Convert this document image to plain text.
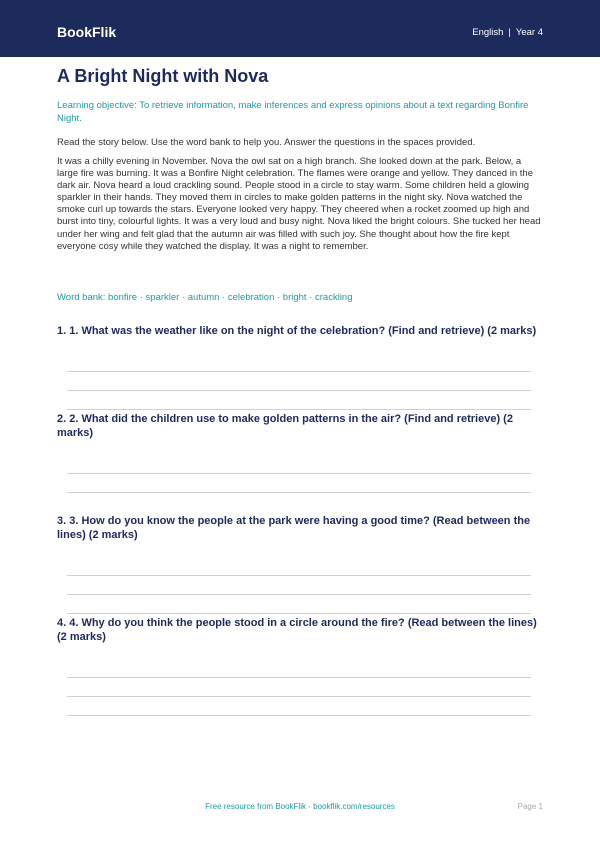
BookFlik	English | Year 4
A Bright Night with Nova
Learning objective: To retrieve information, make inferences and express opinions about a text regarding Bonfire Night.
Read the story below. Use the word bank to help you. Answer the questions in the spaces provided.
It was a chilly evening in November. Nova the owl sat on a high branch. She looked down at the park. Below, a large fire was burning. It was a Bonfire Night celebration. The flames were orange and yellow. They danced in the dark air. Nova heard a loud crackling sound. People stood in a circle to stay warm. Some children held a glowing sparkler in their hands. They moved them in circles to make golden patterns in the night sky. Nova watched the smoke curl up towards the stars. Everyone looked very happy. They cheered when a rocket zoomed up high and burst into tiny, colourful lights. It was a very loud and busy night. Nova liked the bright colours. She tucked her head under her wing and felt glad that the autumn air was filled with such joy. She thought about how the fire kept everyone cosy while they watched the display. It was a night to remember.
Word bank: bonfire · sparkler · autumn · celebration · bright · crackling
1. 1. What was the weather like on the night of the celebration? (Find and retrieve) (2 marks)
2. 2. What did the children use to make golden patterns in the air? (Find and retrieve) (2 marks)
3. 3. How do you know the people at the park were having a good time? (Read between the lines) (2 marks)
4. 4. Why do you think the people stood in a circle around the fire? (Read between the lines) (2 marks)
Free resource from BookFlik · bookflik.com/resources	Page 1
